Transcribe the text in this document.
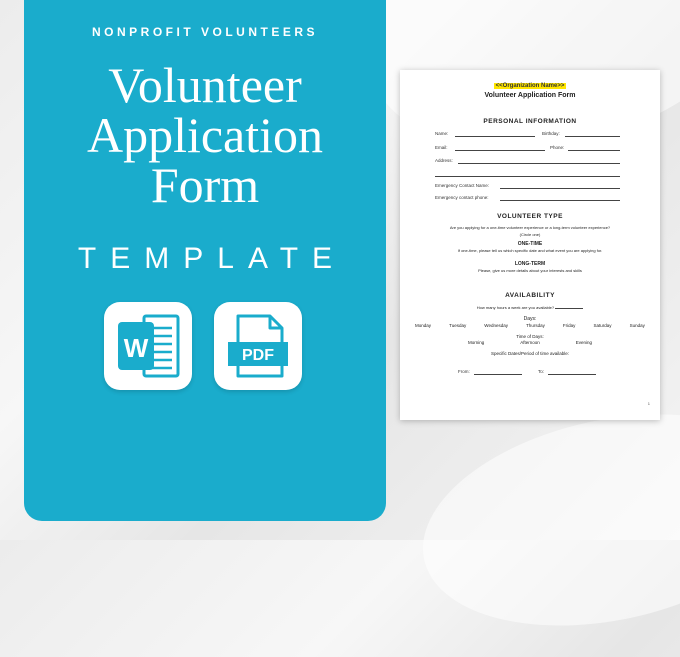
NONPROFIT VOLUNTEERS
Volunteer
Application
Form
TEMPLATE
W	PDF
<<Organization Name>>
Volunteer Application Form
PERSONAL INFORMATION
Name:	Birthday:
Email:	Phone:
Address:
Emergency Contact Name:
Emergency contact phone:
VOLUNTEER TYPE
Are you applying for a one-time volunteer experience or a long-term volunteer experience?
(Circle one)
ONE-TIME
If one-time, please tell us which specific date and what event you are applying for.
LONG-TERM
Please, give us more details about your interests and skills
AVAILABILITY
How many hours a week are you available?
Days:
Monday	Tuesday	Wednesday	Thursday	Friday	Saturday	Sunday
Time of Days:
Morning	Afternoon	Evening
Specific Dates/Period of time available:
From:	To:
1
